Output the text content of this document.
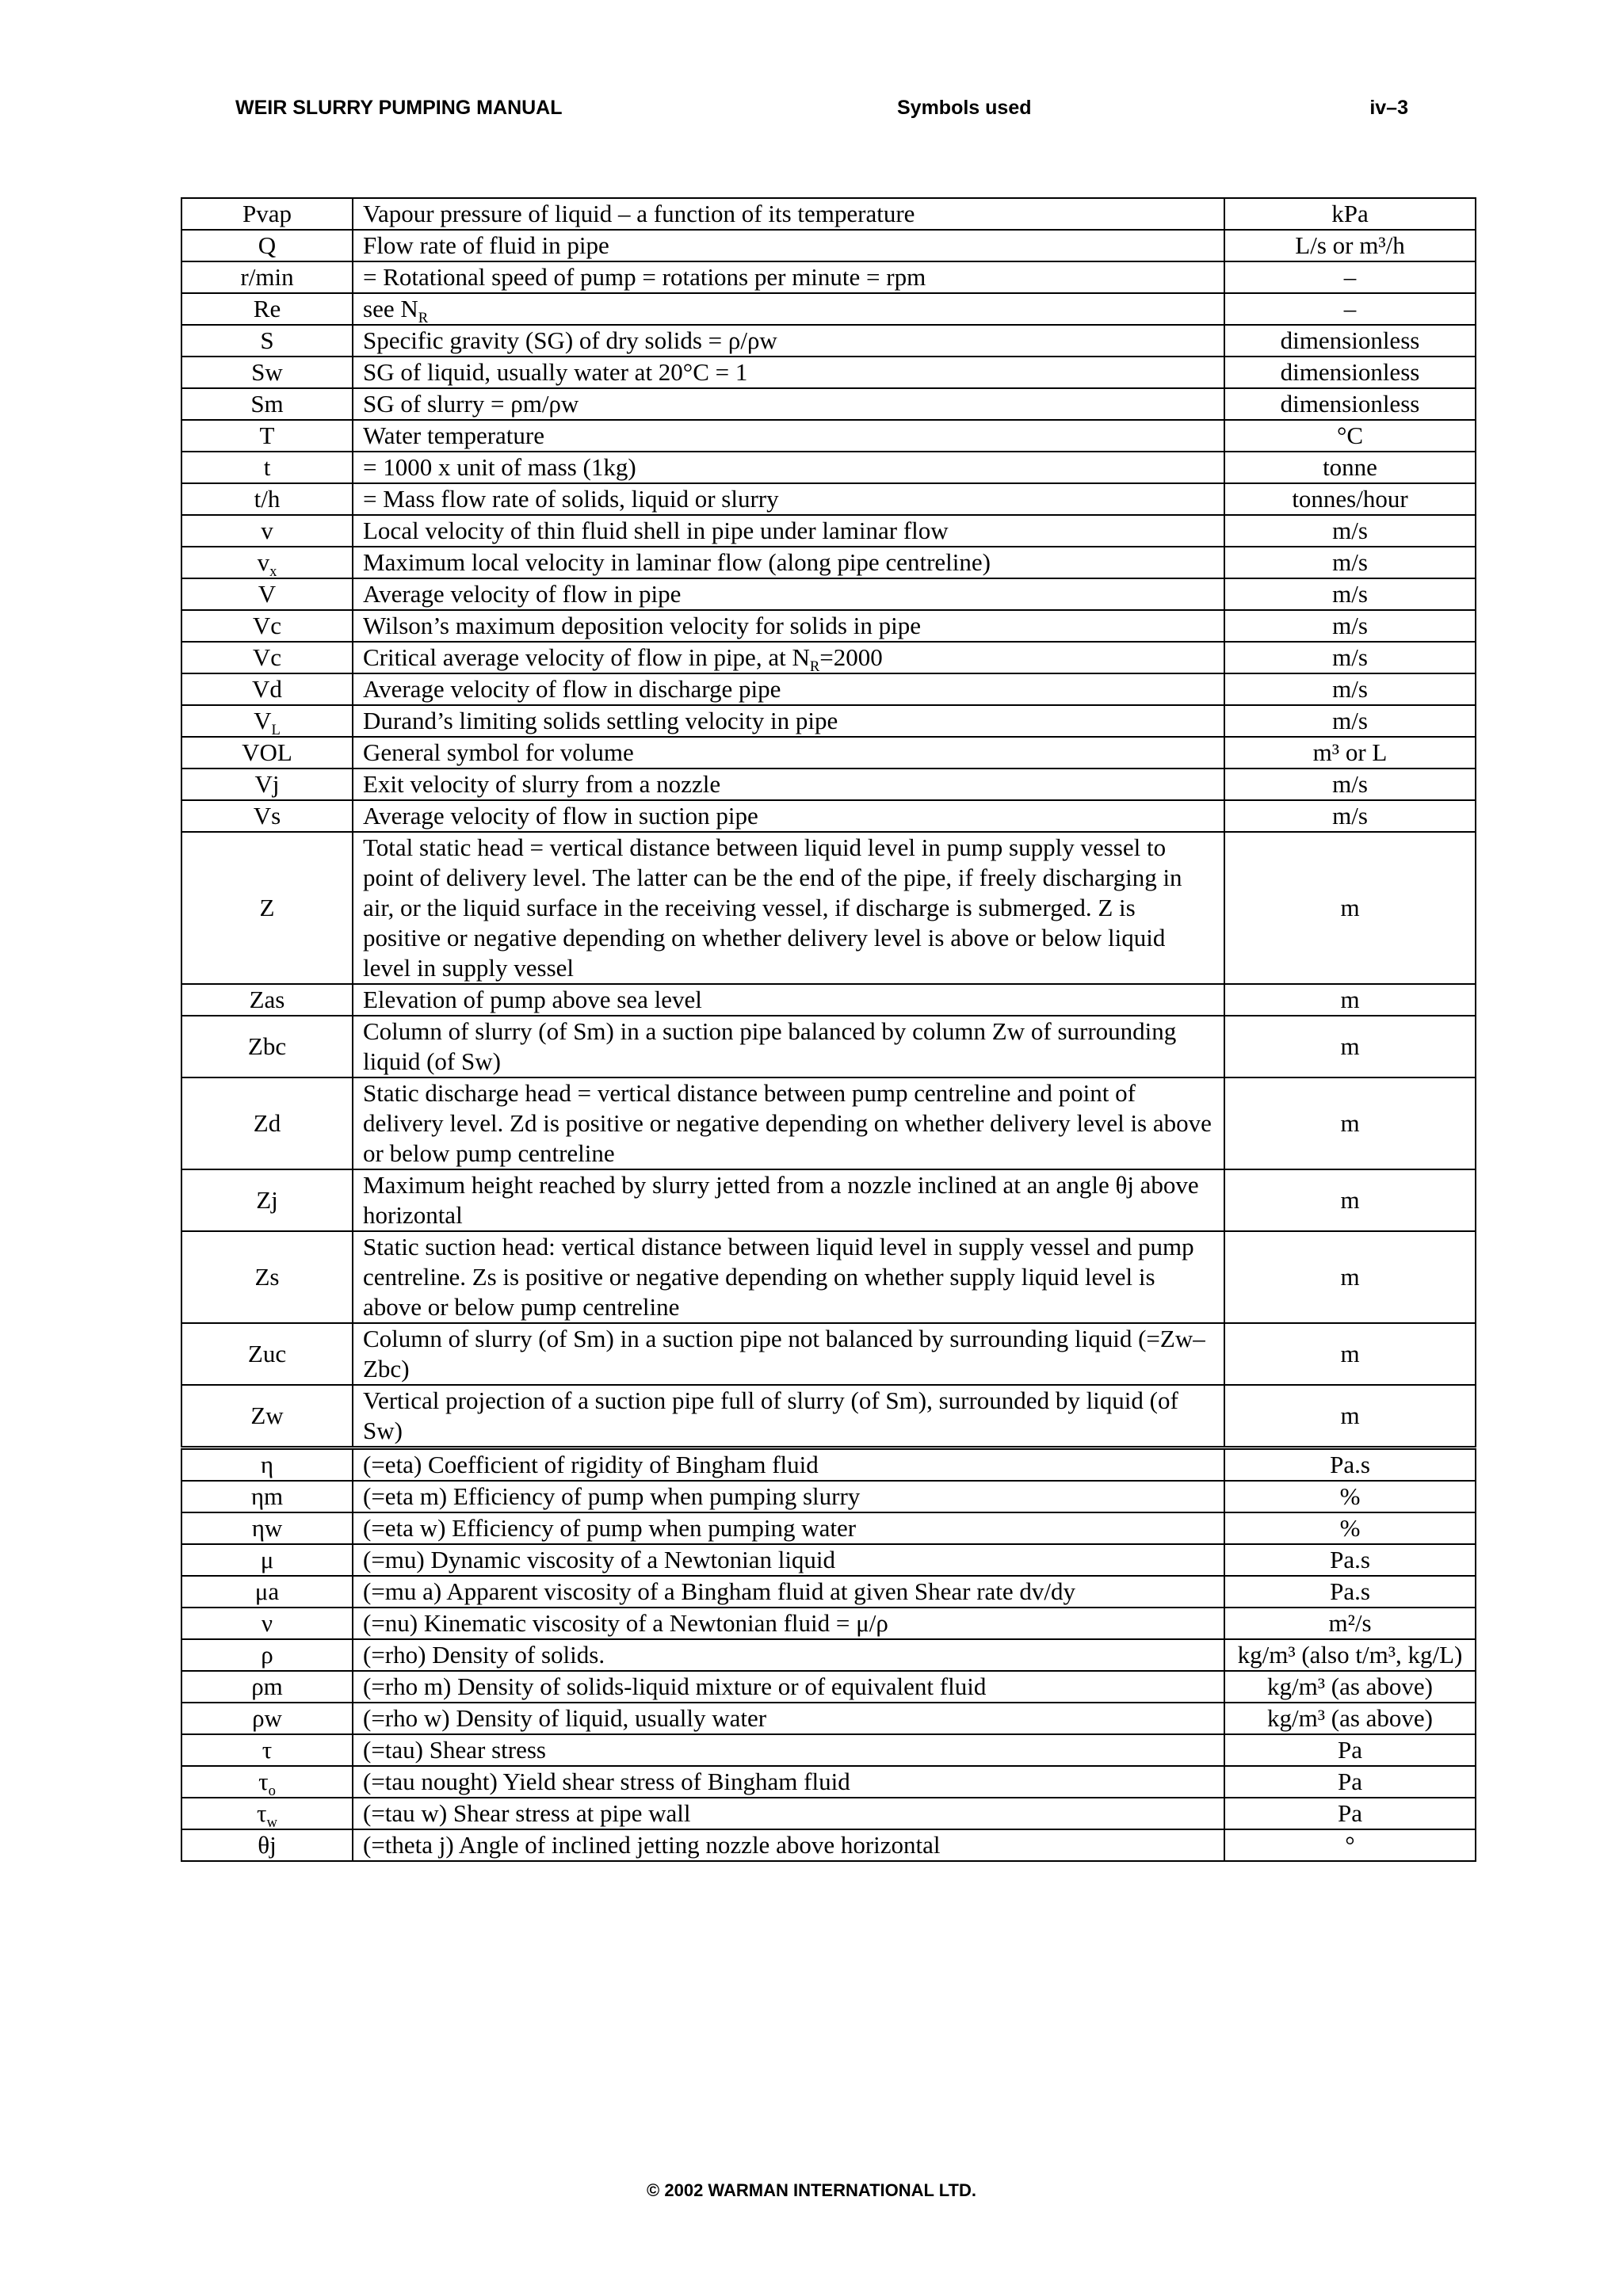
WEIR SLURRY PUMPING MANUAL	Symbols used	iv–3
Pvap	Vapour pressure of liquid – a function of its temperature	kPa
Q	Flow rate of fluid in pipe	L/s or m³/h
r/min	= Rotational speed of pump = rotations per minute = rpm	–
Re	see $N_R$	–
S	Specific gravity (SG) of dry solids = ρ/ρw	dimensionless
Sw	SG of liquid, usually water at 20°C = 1	dimensionless
Sm	SG of slurry = ρm/ρw	dimensionless
T	Water temperature	°C
t	= 1000 x unit of mass (1kg)	tonne
t/h	= Mass flow rate of solids, liquid or slurry	tonnes/hour
v	Local velocity of thin fluid shell in pipe under laminar flow	m/s
$v_x$	Maximum local velocity in laminar flow (along pipe centreline)	m/s
V	Average velocity of flow in pipe	m/s
Vc	Wilson’s maximum deposition velocity for solids in pipe	m/s
Vc	Critical average velocity of flow in pipe, at $N_R=2000$	m/s
Vd	Average velocity of flow in discharge pipe	m/s
$V_L$	Durand’s limiting solids settling velocity in pipe	m/s
VOL	General symbol for volume	m³ or L
Vj	Exit velocity of slurry from a nozzle	m/s
Vs	Average velocity of flow in suction pipe	m/s
Z	Total static head = vertical distance between liquid level in pump supply vessel to point of delivery level. The latter can be the end of the pipe, if freely discharging in air, or the liquid surface in the receiving vessel, if discharge is submerged. Z is positive or negative depending on whether delivery level is above or below liquid level in supply vessel	m
Zas	Elevation of pump above sea level	m
Zbc	Column of slurry (of Sm) in a suction pipe balanced by column Zw of surrounding liquid (of Sw)	m
Zd	Static discharge head = vertical distance between pump centreline and point of delivery level. Zd is positive or negative depending on whether delivery level is above or below pump centreline	m
Zj	Maximum height reached by slurry jetted from a nozzle inclined at an angle θj above horizontal	m
Zs	Static suction head: vertical distance between liquid level in supply vessel and pump centreline. Zs is positive or negative depending on whether supply liquid level is above or below pump centreline	m
Zuc	Column of slurry (of Sm) in a suction pipe not balanced by surrounding liquid (=Zw–Zbc)	m
Zw	Vertical projection of a suction pipe full of slurry (of Sm), surrounded by liquid (of Sw)	m
η	(=eta) Coefficient of rigidity of Bingham fluid	Pa.s
ηm	(=eta m) Efficiency of pump when pumping slurry	%
ηw	(=eta w) Efficiency of pump when pumping water	%
μ	(=mu) Dynamic viscosity of a Newtonian liquid	Pa.s
μa	(=mu a) Apparent viscosity of a Bingham fluid at given Shear rate dv/dy	Pa.s
ν	(=nu) Kinematic viscosity of a Newtonian fluid = μ/ρ	m²/s
ρ	(=rho) Density of solids.	kg/m³ (also t/m³, kg/L)
ρm	(=rho m) Density of solids-liquid mixture or of equivalent fluid	kg/m³ (as above)
ρw	(=rho w) Density of liquid, usually water	kg/m³ (as above)
τ	(=tau) Shear stress	Pa
$\tau_o$	(=tau nought) Yield shear stress of Bingham fluid	Pa
$\tau_w$	(=tau w) Shear stress at pipe wall	Pa
θj	(=theta j) Angle of inclined jetting nozzle above horizontal	°
© 2002 WARMAN INTERNATIONAL LTD.
